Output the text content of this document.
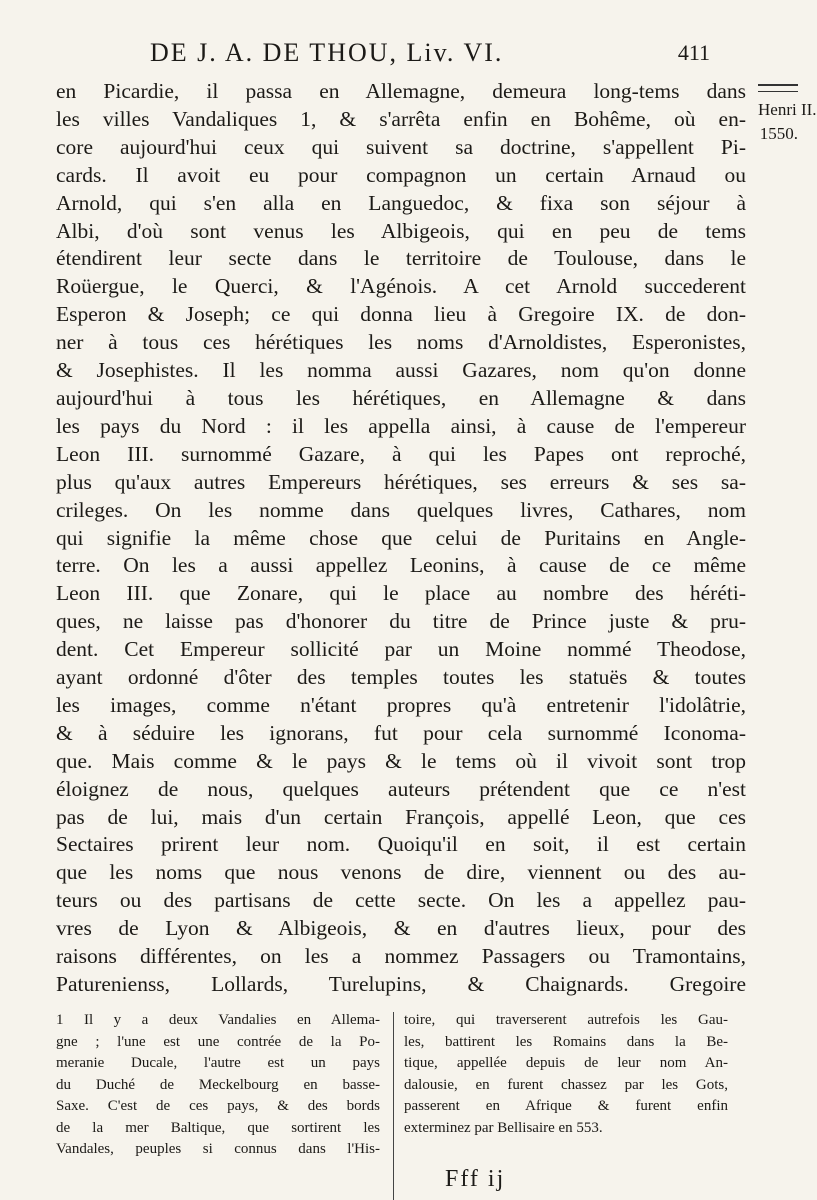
DE J. A. DE THOU, Liv. VI.	411
Henri II.
1550.
en Picardie, il passa en Allemagne, demeura long-tems dans
les villes Vandaliques 1, & s'arrêta enfin en Bohême, où en-
core aujourd'hui ceux qui suivent sa doctrine, s'appellent Pi-
cards. Il avoit eu pour compagnon un certain Arnaud ou
Arnold, qui s'en alla en Languedoc, & fixa son séjour à
Albi, d'où sont venus les Albigeois, qui en peu de tems
étendirent leur secte dans le territoire de Toulouse, dans le
Roüergue, le Querci, & l'Agénois. A cet Arnold succederent
Esperon & Joseph; ce qui donna lieu à Gregoire IX. de don-
ner à tous ces hérétiques les noms d'Arnoldistes, Esperonistes,
& Josephistes. Il les nomma aussi Gazares, nom qu'on donne
aujourd'hui à tous les hérétiques, en Allemagne & dans
les pays du Nord : il les appella ainsi, à cause de l'empereur
Leon III. surnommé Gazare, à qui les Papes ont reproché,
plus qu'aux autres Empereurs hérétiques, ses erreurs & ses sa-
crileges. On les nomme dans quelques livres, Cathares, nom
qui signifie la même chose que celui de Puritains en Angle-
terre. On les a aussi appellez Leonins, à cause de ce même
Leon III. que Zonare, qui le place au nombre des héréti-
ques, ne laisse pas d'honorer du titre de Prince juste & pru-
dent. Cet Empereur sollicité par un Moine nommé Theodose,
ayant ordonné d'ôter des temples toutes les statuës & toutes
les images, comme n'étant propres qu'à entretenir l'idolâtrie,
& à séduire les ignorans, fut pour cela surnommé Iconoma-
que. Mais comme & le pays & le tems où il vivoit sont trop
éloignez de nous, quelques auteurs prétendent que ce n'est
pas de lui, mais d'un certain François, appellé Leon, que ces
Sectaires prirent leur nom. Quoiqu'il en soit, il est certain
que les noms que nous venons de dire, viennent ou des au-
teurs ou des partisans de cette secte. On les a appellez pau-
vres de Lyon & Albigeois, & en d'autres lieux, pour des
raisons différentes, on les a nommez Passagers ou Tramontains,
Paturenienss, Lollards, Turelupins, & Chaignards. Gregoire
1 Il y a deux Vandalies en Allema-
gne ; l'une est une contrée de la Po-
meranie Ducale, l'autre est un pays
du Duché de Meckelbourg en basse-
Saxe. C'est de ces pays, & des bords
de la mer Baltique, que sortirent les
Vandales, peuples si connus dans l'His-
toire, qui traverserent autrefois les Gau-
les, battirent les Romains dans la Be-
tique, appellée depuis de leur nom An-
dalousie, en furent chassez par les Gots,
passerent en Afrique & furent enfin
exterminez par Bellisaire en 553.
Fff ij
